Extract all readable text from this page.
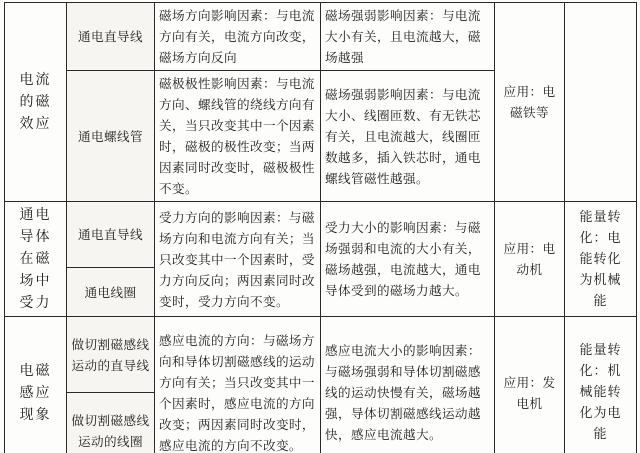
电流的磁效应	通电直导线	磁场方向影响因素：与电流方向有关，电流方向改变，磁场方向反向	磁场强弱影响因素：与电流大小有关，且电流越大，磁场越强	应用：电磁铁等	
	通电螺线管	磁极极性影响因素：与电流方向、螺线管的绕线方向有关，当只改变其中一个因素时，磁极的极性改变；当两因素同时改变时，磁极极性不变。	磁场强弱影响因素：与电流大小、线圈匝数、有无铁芯有关，且电流越大，线圈匝数越多，插入铁芯时，通电螺线管磁性越强。		
通电导体在磁场中受力	通电直导线	受力方向的影响因素：与磁场方向和电流方向有关；当只改变其中一个因素时，受力方向反向；两因素同时改变时，受力方向不变。	受力大小的影响因素：与磁场强弱和电流的大小有关，磁场越强，电流越大，通电导体受到的磁场力越大。	应用：电动机	能量转化：电能转化为机械能
	通电线圈				
电磁感应现象	做切割磁感线运动的直导线	感应电流的方向：与磁场方向和导体切割磁感线的运动方向有关；当只改变其中一个因素时，感应电流的方向改变；两因素同时改变时，感应电流的方向不改变。	感应电流大小的影响因素：与磁场强弱和导体切割磁感线的运动快慢有关，磁场越强，导体切割磁感线运动越快，感应电流越大。	应用：发电机	能量转化：机械能转化为电能
	做切割磁感线运动的线圈				
